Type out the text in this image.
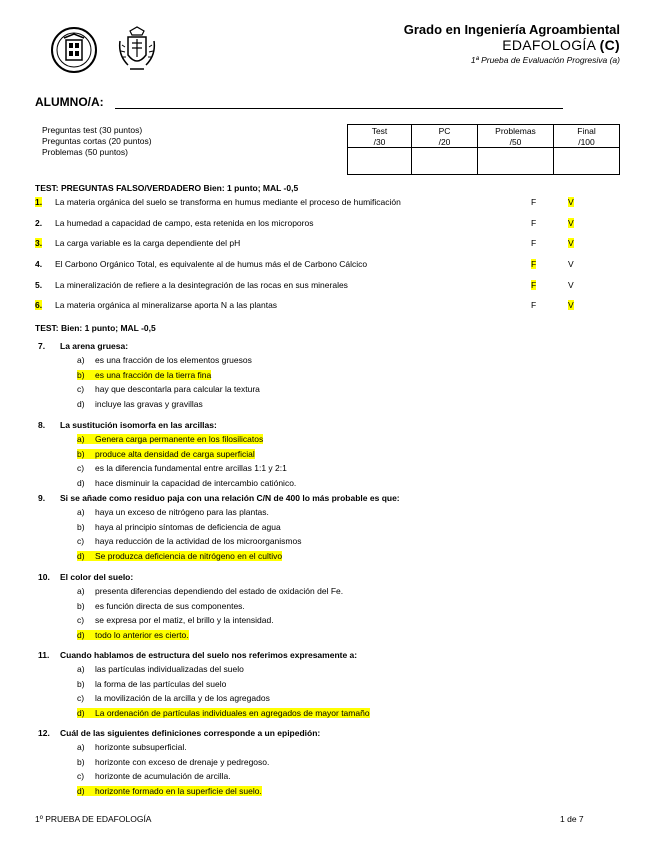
Grado en Ingeniería Agroambiental
EDAFOLOGÍA (C)
1ª Prueba de Evaluación Progresiva (a)
ALUMNO/A:
Preguntas test (30 puntos)
Preguntas cortas (20 puntos)
Problemas (50 puntos)
Test	PC	Problemas	Final
/30	/20	/50	/100

TEST: PREGUNTAS FALSO/VERDADERO Bien: 1 punto; MAL -0,5
1. La materia orgánica del suelo se transforma en humus mediante el proceso de humificación	F	V
2. La humedad a capacidad de campo, esta retenida en los microporos	F	V
3. La carga variable es la carga dependiente del pH	F	V
4. El Carbono Orgánico Total, es equivalente al de humus más el de Carbono Cálcico	F	V
5. La mineralización de refiere a la desintegración de las rocas en sus minerales	F	V
6. La materia orgánica al mineralizarse aporta N a las plantas	F	V
TEST: Bien: 1 punto; MAL -0,5
7. La arena gruesa:
a) es una fracción de los elementos gruesos
b) es una fracción de la tierra fina
c) hay que descontarla para calcular la textura
d) incluye las gravas y gravillas
8. La sustitución isomorfa en las arcillas:
a) Genera carga permanente en los filosilicatos
b) produce alta densidad de carga superficial
c) es la diferencia fundamental entre arcillas 1:1 y 2:1
d) hace disminuir la capacidad de intercambio catiónico.
9. Si se añade como residuo paja con una relación C/N de 400 lo más probable es que:
a) haya un exceso de nitrógeno para las plantas.
b) haya al principio síntomas de deficiencia de agua
c) haya reducción de la actividad de los microorganismos
d) Se produzca deficiencia de nitrógeno en el cultivo
10. El color del suelo:
a) presenta diferencias dependiendo del estado de oxidación del Fe.
b) es función directa de sus componentes.
c) se expresa por el matiz, el brillo y la intensidad.
d) todo lo anterior es cierto.
11. Cuando hablamos de estructura del suelo nos referimos expresamente a:
a) las partículas individualizadas del suelo
b) la forma de las partículas del suelo
c) la movilización de la arcilla y de los agregados
d) La ordenación de partículas individuales en agregados de mayor tamaño
12. Cuál de las siguientes definiciones corresponde a un epipedión:
a) horizonte subsuperficial.
b) horizonte con exceso de drenaje y pedregoso.
c) horizonte de acumulación de arcilla.
d) horizonte formado en la superficie del suelo.
1º PRUEBA DE EDAFOLOGÍA	1 de 7
